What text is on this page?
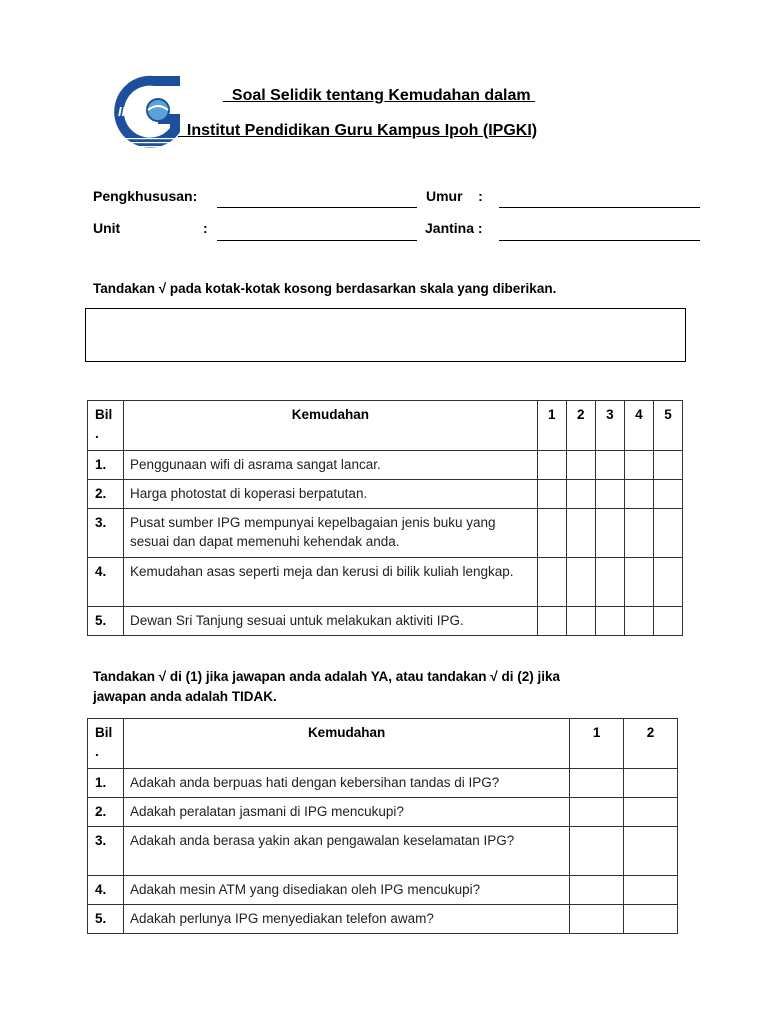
IPG
Soal Selidik tentang Kemudahan dalam
Institut Pendidikan Guru Kampus Ipoh (IPGKI)
Pengkhususan:	Umur    :
Unit	:	Jantina :
Tandakan √ pada kotak-kotak kosong berdasarkan skala yang diberikan.
Bil
.	Kemudahan	1	2	3	4	5
1.	Penggunaan wifi di asrama sangat lancar.					
2.	Harga photostat di koperasi berpatutan.					
3.	Pusat sumber IPG mempunyai kepelbagaian jenis buku yang sesuai dan dapat memenuhi kehendak anda.					
4.	Kemudahan asas seperti meja dan kerusi di bilik kuliah lengkap.					
5.	Dewan Sri Tanjung sesuai untuk melakukan aktiviti IPG.					
Tandakan √ di (1) jika jawapan anda adalah YA, atau tandakan √ di (2) jika
jawapan anda adalah TIDAK.
Bil
.	Kemudahan	1	2
1.	Adakah anda berpuas hati dengan kebersihan tandas di IPG?		
2.	Adakah peralatan jasmani di IPG mencukupi?		
3.	Adakah anda berasa yakin akan pengawalan keselamatan IPG?		
4.	Adakah mesin ATM yang disediakan oleh IPG mencukupi?		
5.	Adakah perlunya IPG menyediakan telefon awam?		
